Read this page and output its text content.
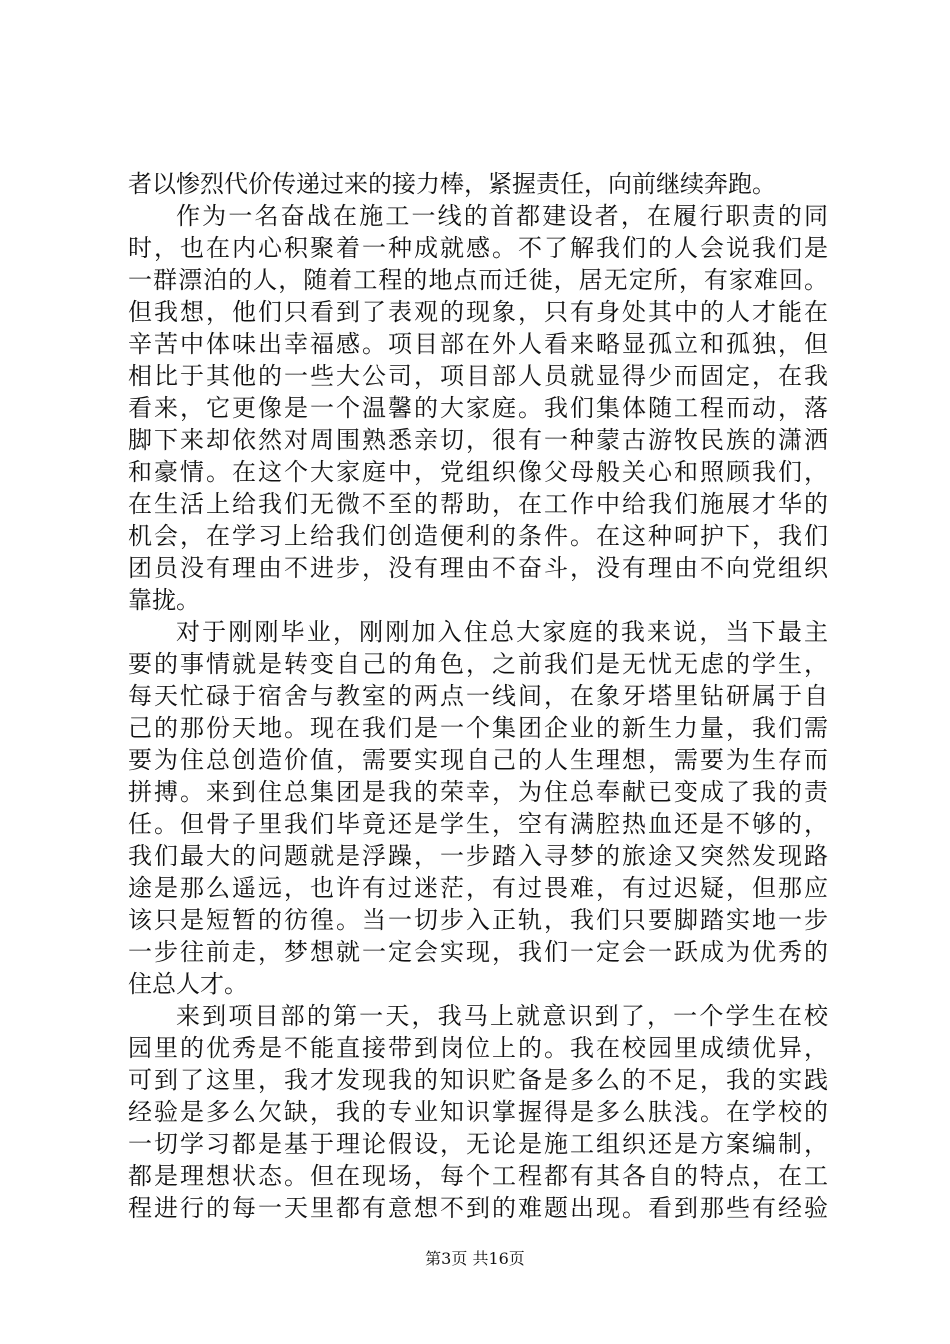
者以惨烈代价传递过来的接力棒，紧握责任，向前继续奔跑。
作为一名奋战在施工一线的首都建设者，在履行职责的同
时，也在内心积聚着一种成就感。不了解我们的人会说我们是
一群漂泊的人，随着工程的地点而迁徙，居无定所，有家难回。
但我想，他们只看到了表观的现象，只有身处其中的人才能在
辛苦中体味出幸福感。项目部在外人看来略显孤立和孤独，但
相比于其他的一些大公司，项目部人员就显得少而固定，在我
看来，它更像是一个温馨的大家庭。我们集体随工程而动，落
脚下来却依然对周围熟悉亲切，很有一种蒙古游牧民族的潇洒
和豪情。在这个大家庭中，党组织像父母般关心和照顾我们，
在生活上给我们无微不至的帮助，在工作中给我们施展才华的
机会，在学习上给我们创造便利的条件。在这种呵护下，我们
团员没有理由不进步，没有理由不奋斗，没有理由不向党组织
靠拢。
对于刚刚毕业，刚刚加入住总大家庭的我来说，当下最主
要的事情就是转变自己的角色，之前我们是无忧无虑的学生，
每天忙碌于宿舍与教室的两点一线间，在象牙塔里钻研属于自
己的那份天地。现在我们是一个集团企业的新生力量，我们需
要为住总创造价值，需要实现自己的人生理想，需要为生存而
拼搏。来到住总集团是我的荣幸，为住总奉献已变成了我的责
任。但骨子里我们毕竟还是学生，空有满腔热血还是不够的，
我们最大的问题就是浮躁，一步踏入寻梦的旅途又突然发现路
途是那么遥远，也许有过迷茫，有过畏难，有过迟疑，但那应
该只是短暂的彷徨。当一切步入正轨，我们只要脚踏实地一步
一步往前走，梦想就一定会实现，我们一定会一跃成为优秀的
住总人才。
来到项目部的第一天，我马上就意识到了，一个学生在校
园里的优秀是不能直接带到岗位上的。我在校园里成绩优异，
可到了这里，我才发现我的知识贮备是多么的不足，我的实践
经验是多么欠缺，我的专业知识掌握得是多么肤浅。在学校的
一切学习都是基于理论假设，无论是施工组织还是方案编制，
都是理想状态。但在现场，每个工程都有其各自的特点，在工
程进行的每一天里都有意想不到的难题出现。看到那些有经验
第3页 共16页
